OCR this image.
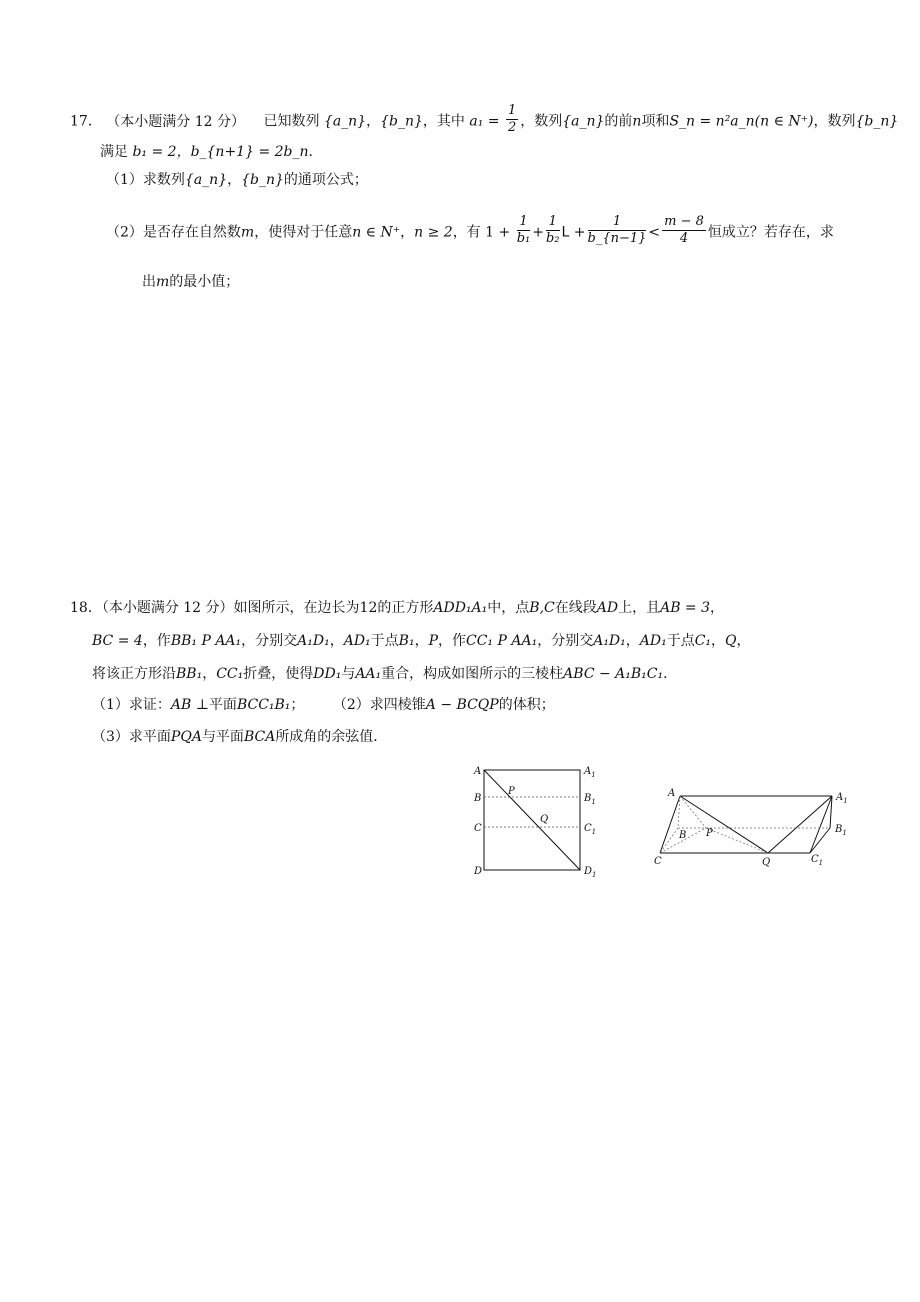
17． （本小题满分 12 分） 已知数列 {a_n}，{b_n}，其中 $a_1 = \frac{1}{2}$ ，数列{a_n}的前n项和S_n = n²a_n(n ∈ N⁺)，数列{b_n}
满足 b₁ = 2，b_{n+1} = 2b_n．
（1）求数列{a_n}，{b_n}的通项公式；
（2）是否存在自然数m，使得对于任意n ∈ N⁺，n ≥ 2，有 $1 + \frac{1}{\text{b₁}} + \frac{1}{\text{b₂}}$ $L + \frac{1}{b\_\{n-1\}} < \frac{m - 8}{4}$ 恒成立？若存在，求
出m的最小值；
18．（本小题满分 12 分）如图所示，在边长为12的正方形ADD₁A₁中，点B,C在线段AD上，且AB = 3，
BC = 4，作BB₁ P AA₁，分别交A₁D₁，AD₁于点B₁，P，作CC₁ P AA₁，分别交A₁D₁，AD₁于点C₁，Q，
将该正方形沿BB₁，CC₁折叠，使得DD₁与AA₁重合，构成如图所示的三棱柱ABC − A₁B₁C₁．
（1）求证：AB ⊥平面BCC₁B₁； （2）求四棱锥A − BCQP的体积；
（3）求平面PQA与平面BCA所成角的余弦值．
A
B
C
D
$A_1$
$B_1$
$C_1$
$D_1$
P
Q
A
B P
C	Q
$A_1$
$B_1$
$C_1$
